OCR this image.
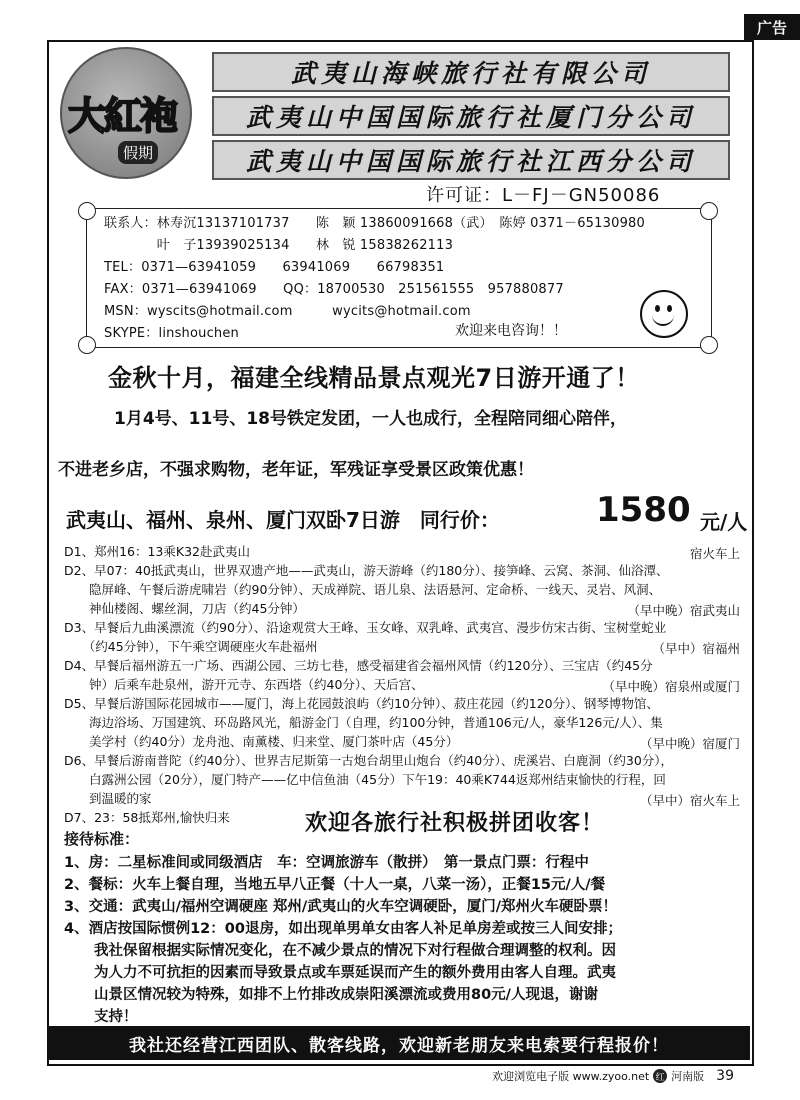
广告
大紅袍
假期
武夷山海峡旅行社有限公司
武夷山中国国际旅行社厦门分公司
武夷山中国国际旅行社江西分公司
许可证：L－FJ－GN50086
联系人：林寿沉13137101737　　陈　颖 13860091668（武）　陈婷 0371－65130980
　　　　叶　子13939025134　　林　锐 15838262113
TEL：0371—63941059　　63941069　　66798351
FAX：0371—63941069　　QQ：18700530　251561555　957880877
MSN：wyscits@hotmail.com　　　wycits@hotmail.com
SKYPE：linshouchen	欢迎来电咨询！！
金秋十月，福建全线精品景点观光7日游开通了！
1月4号、11号、18号铁定发团，一人也成行，全程陪同细心陪伴，
不进老乡店，不强求购物，老年证，军残证享受景区政策优惠！
武夷山、福州、泉州、厦门双卧7日游　同行价：	1580 元/人
D1、郑州16：13乘K32赴武夷山
D2、早07：40抵武夷山，世界双遗产地——武夷山，游天游峰（约180分）、接笋峰、云窝、茶洞、仙浴潭、
　　隐屏峰、午餐后游虎啸岩（约90分钟）、天成禅院、语儿泉、法语悬河、定命桥、一线天、灵岩、风洞、
　　神仙楼阁、螺丝洞，刀店（约45分钟）
D3、早餐后九曲溪漂流（约90分）、沿途观赏大王峰、玉女峰、双乳峰、武夷宫、漫步仿宋古街、宝树堂蛇业
　　（约45分钟），下午乘空调硬座火车赴福州
D4、早餐后福州游五一广场、西湖公园、三坊七巷，感受福建省会福州风情（约120分）、三宝店（约45分
　　钟）后乘车赴泉州，游开元寺、东西塔（约40分）、天后宫、
D5、早餐后游国际花园城市——厦门，海上花园鼓浪屿（约10分钟）、菽庄花园（约120分）、钢琴博物馆、
　　海边浴场、万国建筑、环岛路风光，船游金门（自理，约100分钟，普通106元/人，豪华126元/人）、集
　　美学村（约40分）龙舟池、南薰楼、归来堂、厦门茶叶店（45分）
D6、早餐后游南普陀（约40分）、世界吉尼斯第一古炮台胡里山炮台（约40分）、虎溪岩、白鹿洞（约30分），
　　白露洲公园（20分），厦门特产——亿中信鱼油（45分）下午19：40乘K744返郑州结束愉快的行程，回
　　到温暖的家
D7、23：58抵郑州,愉快归来
宿火车上
（早中晚）宿武夷山
（早中）宿福州
（早中晚）宿泉州或厦门
（早中晚）宿厦门
（早中）宿火车上
欢迎各旅行社积极拼团收客！
接待标准：
1、房：二星标准间或同级酒店　车：空调旅游车（散拼）　第一景点门票：行程中
2、餐标：火车上餐自理，当地五早八正餐（十人一桌，八菜一汤），正餐15元/人/餐
3、交通：武夷山/福州空调硬座 郑州/武夷山的火车空调硬卧，厦门/郑州火车硬卧票！
4、酒店按国际惯例12：00退房，如出现单男单女由客人补足单房差或按三人间安排；
我社保留根据实际情况变化，在不减少景点的情况下对行程做合理调整的权利。因
为人力不可抗拒的因素而导致景点或车票延误而产生的额外费用由客人自理。武夷
山景区情况较为特殊，如排不上竹排改成崇阳溪漂流或费用80元/人现退，谢谢
支持！
我社还经营江西团队、散客线路，欢迎新老朋友来电索要行程报价！
欢迎浏览电子版 www.zyoo.net 红 河南版 39
